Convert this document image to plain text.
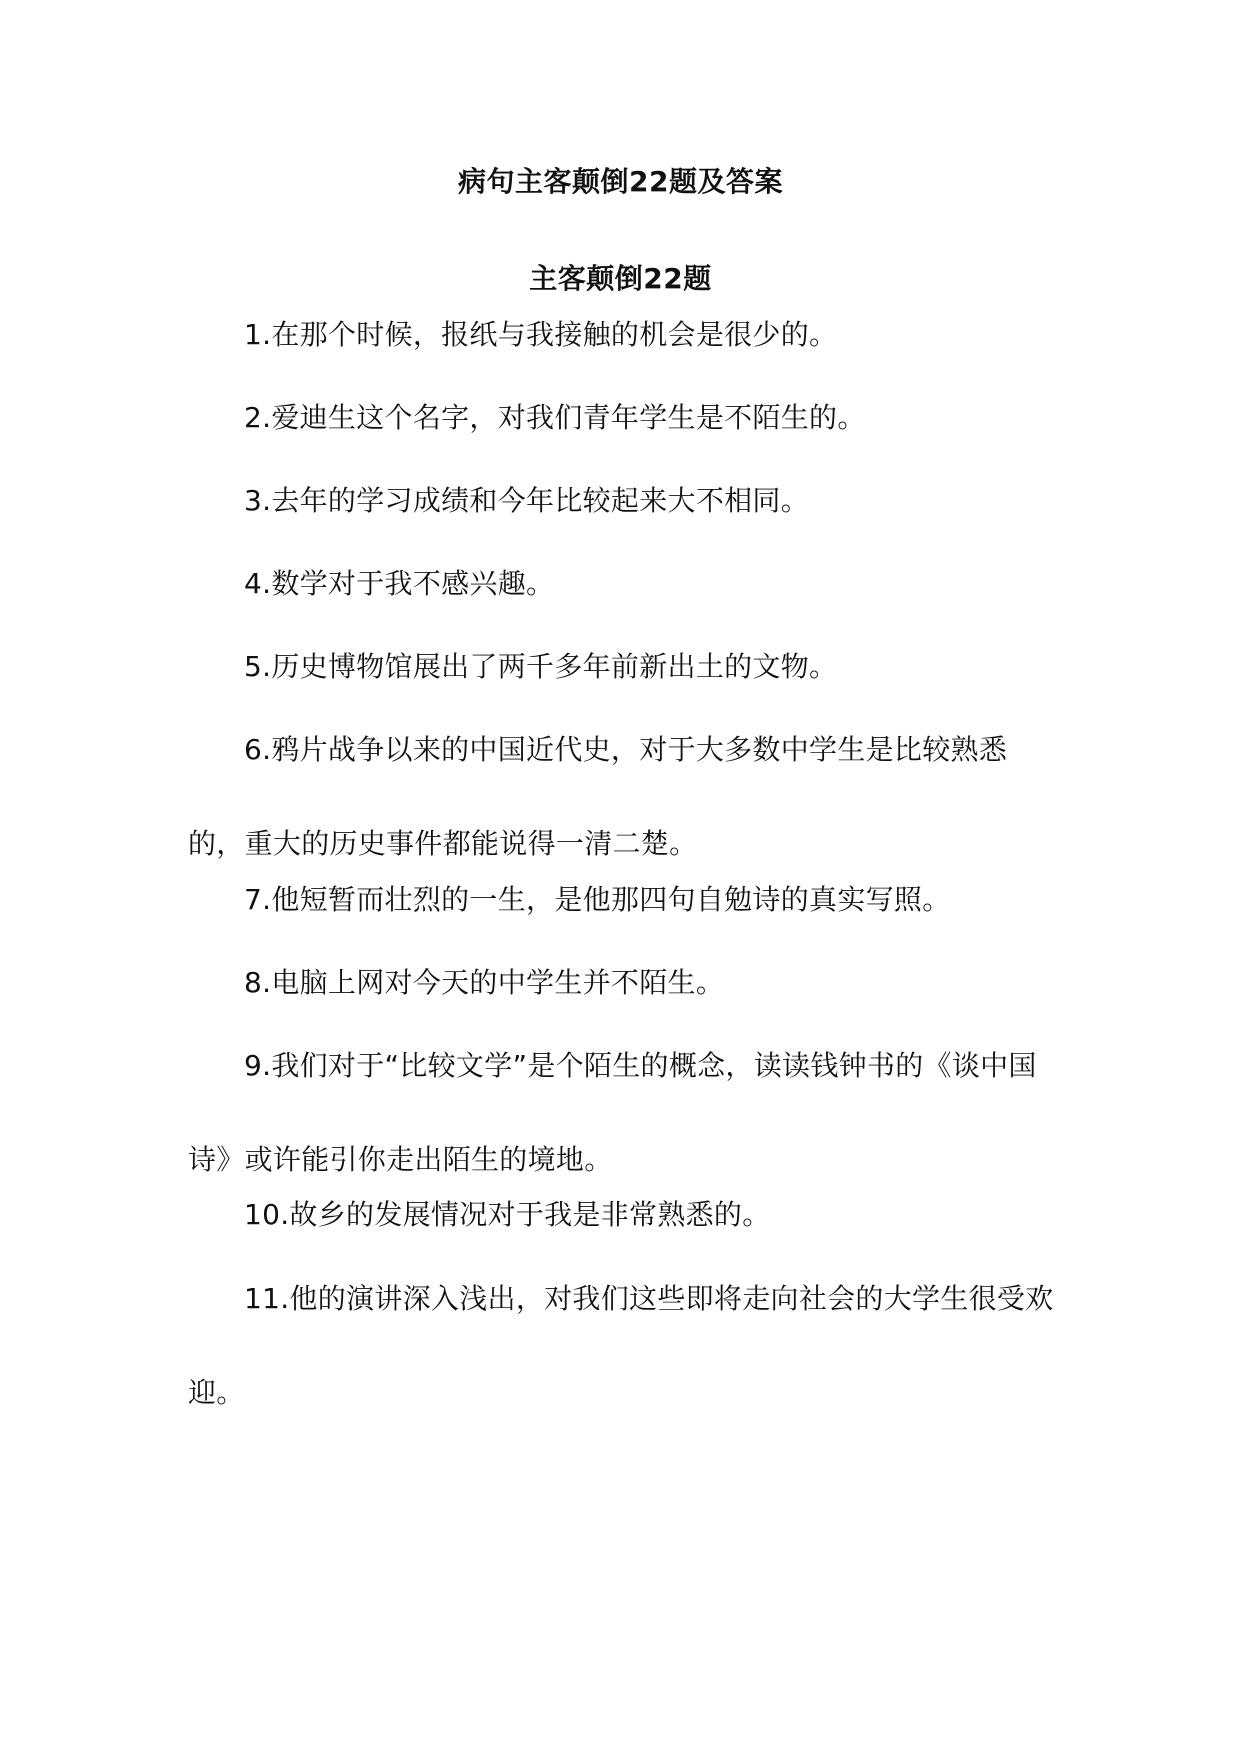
病句主客颠倒22题及答案
主客颠倒22题
1.在那个时候，报纸与我接触的机会是很少的。
2.爱迪生这个名字，对我们青年学生是不陌生的。
3.去年的学习成绩和今年比较起来大不相同。
4.数学对于我不感兴趣。
5.历史博物馆展出了两千多年前新出土的文物。
6.鸦片战争以来的中国近代史，对于大多数中学生是比较熟悉的，重大的历史事件都能说得一清二楚。
7.他短暂而壮烈的一生，是他那四句自勉诗的真实写照。
8.电脑上网对今天的中学生并不陌生。
9.我们对于“比较文学”是个陌生的概念，读读钱钟书的《谈中国诗》或许能引你走出陌生的境地。
10.故乡的发展情况对于我是非常熟悉的。
11.他的演讲深入浅出，对我们这些即将走向社会的大学生很受欢迎。
